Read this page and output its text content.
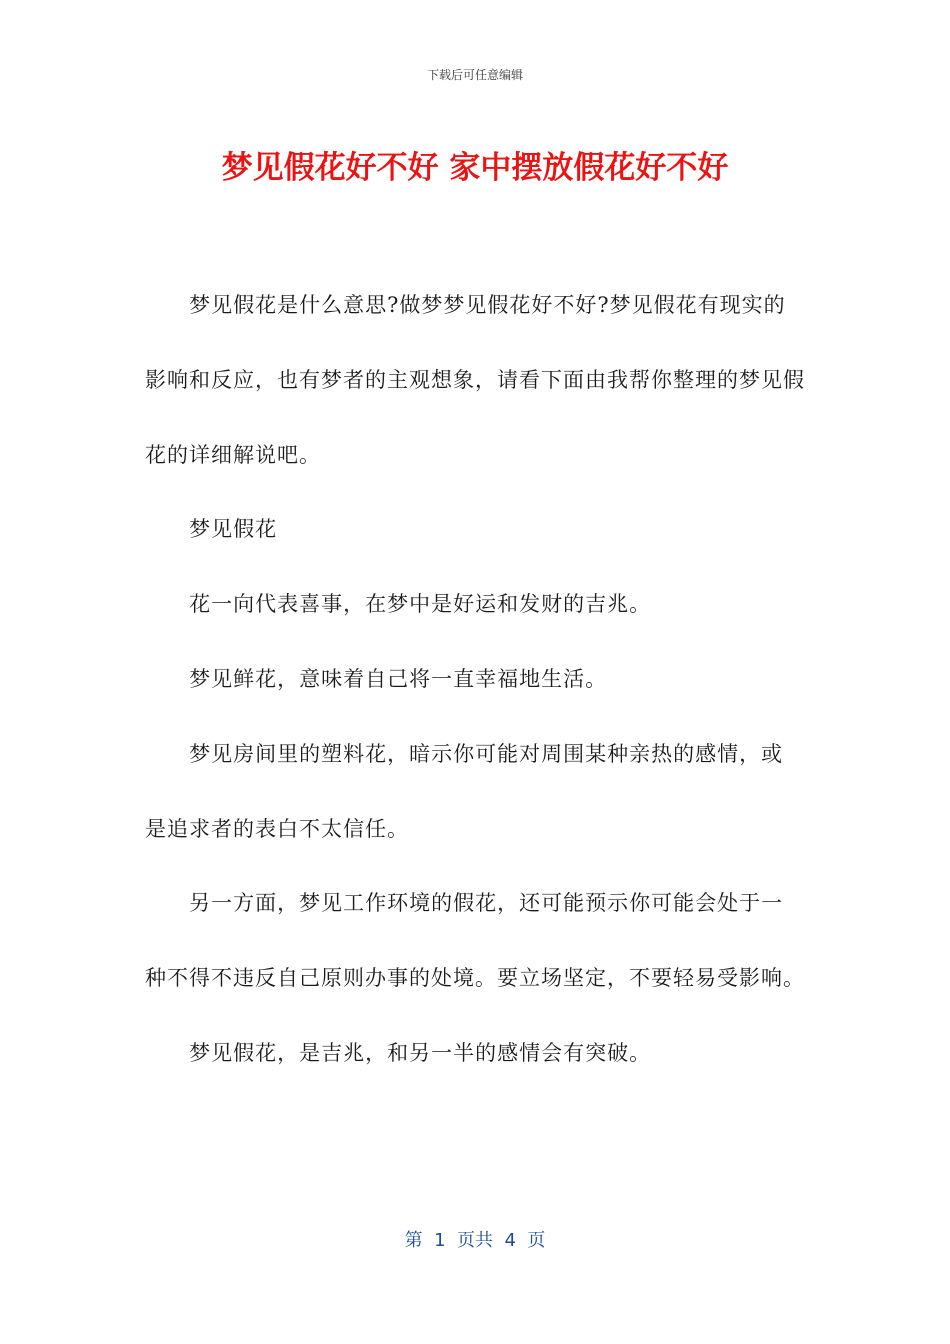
下载后可任意编辑
梦见假花好不好 家中摆放假花好不好

梦见假花是什么意思?做梦梦见假花好不好?梦见假花有现实的影响和反应，也有梦者的主观想象，请看下面由我帮你整理的梦见假花的详细解说吧。

梦见假花

花一向代表喜事，在梦中是好运和发财的吉兆。

梦见鲜花，意味着自己将一直幸福地生活。

梦见房间里的塑料花，暗示你可能对周围某种亲热的感情，或是追求者的表白不太信任。

另一方面，梦见工作环境的假花，还可能预示你可能会处于一种不得不违反自己原则办事的处境。要立场坚定，不要轻易受影响。

梦见假花，是吉兆，和另一半的感情会有突破。

第  1  页共  4  页
